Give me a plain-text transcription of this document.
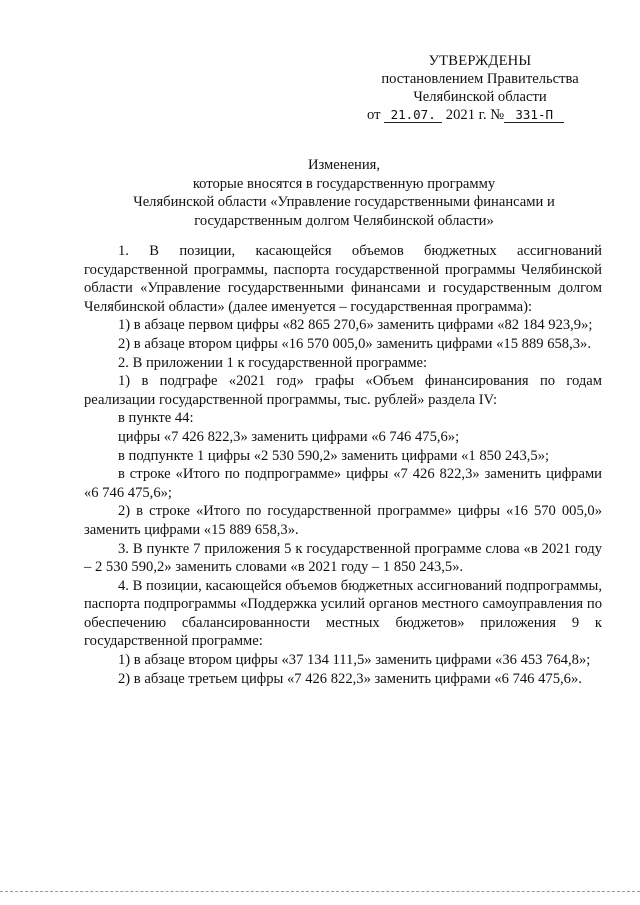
УТВЕРЖДЕНЫ
постановлением Правительства
Челябинской области
от 21.07. 2021 г. № 331-П
Изменения,
которые вносятся в государственную программу
Челябинской области «Управление государственными финансами и
государственным долгом Челябинской области»
1. В позиции, касающейся объемов бюджетных ассигнований государственной программы, паспорта государственной программы Челябинской области «Управление государственными финансами и государственным долгом Челябинской области» (далее именуется – государственная программа):
1) в абзаце первом цифры «82 865 270,6» заменить цифрами «82 184 923,9»;
2) в абзаце втором цифры «16 570 005,0» заменить цифрами «15 889 658,3».
2. В приложении 1 к государственной программе:
1) в подграфе «2021 год» графы «Объем финансирования по годам реализации государственной программы, тыс. рублей» раздела IV:
в пункте 44:
цифры «7 426 822,3» заменить цифрами «6 746 475,6»;
в подпункте 1 цифры «2 530 590,2» заменить цифрами «1 850 243,5»;
в строке «Итого по подпрограмме» цифры «7 426 822,3» заменить цифрами «6 746 475,6»;
2) в строке «Итого по государственной программе» цифры «16 570 005,0» заменить цифрами «15 889 658,3».
3. В пункте 7 приложения 5 к государственной программе слова «в 2021 году – 2 530 590,2» заменить словами «в 2021 году – 1 850 243,5».
4. В позиции, касающейся объемов бюджетных ассигнований подпрограммы, паспорта подпрограммы «Поддержка усилий органов местного самоуправления по обеспечению сбалансированности местных бюджетов» приложения 9 к государственной программе:
1) в абзаце втором цифры «37 134 111,5» заменить цифрами «36 453 764,8»;
2) в абзаце третьем цифры «7 426 822,3» заменить цифрами «6 746 475,6».
